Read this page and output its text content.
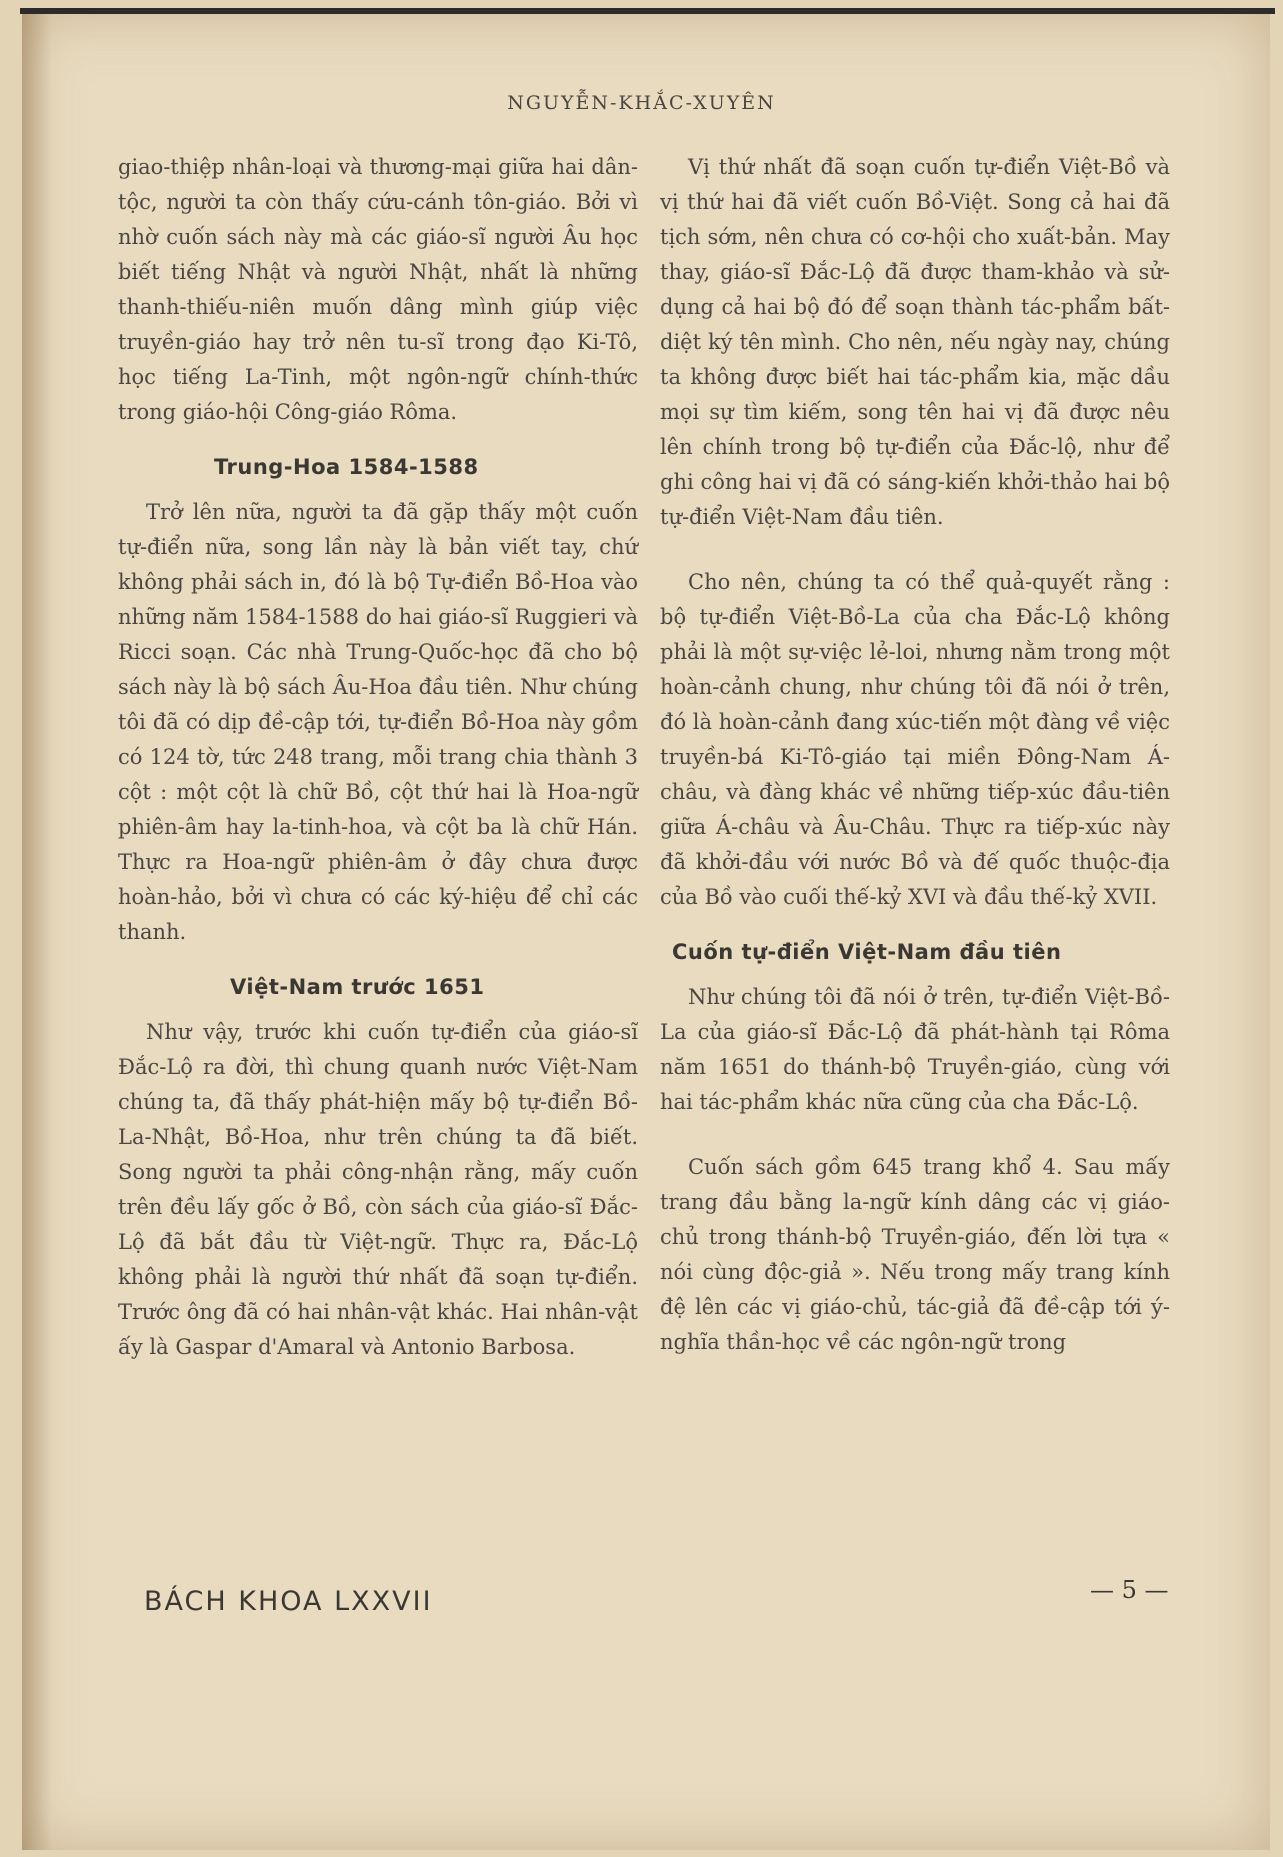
NGUYỄN-KHẮC-XUYÊN

giao-thiệp nhân-loại và thương-mại giữa hai dân-tộc, người ta còn thấy cứu-cánh tôn-giáo. Bởi vì nhờ cuốn sách này mà các giáo-sĩ người Âu học biết tiếng Nhật và người Nhật, nhất là những thanh-thiếu-niên muốn dâng mình giúp việc truyền-giáo hay trở nên tu-sĩ trong đạo Ki-Tô, học tiếng La-Tinh, một ngôn-ngữ chính-thức trong giáo-hội Công-giáo Rôma.

Trung-Hoa 1584-1588

Trở lên nữa, người ta đã gặp thấy một cuốn tự-điển nữa, song lần này là bản viết tay, chứ không phải sách in, đó là bộ Tự-điển Bồ-Hoa vào những năm 1584-1588 do hai giáo-sĩ Ruggieri và Ricci soạn. Các nhà Trung-Quốc-học đã cho bộ sách này là bộ sách Âu-Hoa đầu tiên. Như chúng tôi đã có dịp đề-cập tới, tự-điển Bồ-Hoa này gồm có 124 tờ, tức 248 trang, mỗi trang chia thành 3 cột : một cột là chữ Bồ, cột thứ hai là Hoa-ngữ phiên-âm hay la-tinh-hoa, và cột ba là chữ Hán. Thực ra Hoa-ngữ phiên-âm ở đây chưa được hoàn-hảo, bởi vì chưa có các ký-hiệu để chỉ các thanh.

Việt-Nam trước 1651

Như vậy, trước khi cuốn tự-điển của giáo-sĩ Đắc-Lộ ra đời, thì chung quanh nước Việt-Nam chúng ta, đã thấy phát-hiện mấy bộ tự-điển Bồ-La-Nhật, Bồ-Hoa, như trên chúng ta đã biết. Song người ta phải công-nhận rằng, mấy cuốn trên đều lấy gốc ở Bồ, còn sách của giáo-sĩ Đắc-Lộ đã bắt đầu từ Việt-ngữ. Thực ra, Đắc-Lộ không phải là người thứ nhất đã soạn tự-điển. Trước ông đã có hai nhân-vật khác. Hai nhân-vật ấy là Gaspar d'Amaral và Antonio Barbosa.

Vị thứ nhất đã soạn cuốn tự-điển Việt-Bồ và vị thứ hai đã viết cuốn Bồ-Việt. Song cả hai đã tịch sớm, nên chưa có cơ-hội cho xuất-bản. May thay, giáo-sĩ Đắc-Lộ đã được tham-khảo và sử-dụng cả hai bộ đó để soạn thành tác-phẩm bất-diệt ký tên mình. Cho nên, nếu ngày nay, chúng ta không được biết hai tác-phẩm kia, mặc dầu mọi sự tìm kiếm, song tên hai vị đã được nêu lên chính trong bộ tự-điển của Đắc-lộ, như để ghi công hai vị đã có sáng-kiến khởi-thảo hai bộ tự-điển Việt-Nam đầu tiên.

Cho nên, chúng ta có thể quả-quyết rằng : bộ tự-điển Việt-Bồ-La của cha Đắc-Lộ không phải là một sự-việc lẻ-loi, nhưng nằm trong một hoàn-cảnh chung, như chúng tôi đã nói ở trên, đó là hoàn-cảnh đang xúc-tiến một đàng về việc truyền-bá Ki-Tô-giáo tại miền Đông-Nam Á-châu, và đàng khác về những tiếp-xúc đầu-tiên giữa Á-châu và Âu-Châu. Thực ra tiếp-xúc này đã khởi-đầu với nước Bồ và đế quốc thuộc-địa của Bồ vào cuối thế-kỷ XVI và đầu thế-kỷ XVII.

Cuốn tự-điển Việt-Nam đầu tiên

Như chúng tôi đã nói ở trên, tự-điển Việt-Bồ-La của giáo-sĩ Đắc-Lộ đã phát-hành tại Rôma năm 1651 do thánh-bộ Truyền-giáo, cùng với hai tác-phẩm khác nữa cũng của cha Đắc-Lộ.

Cuốn sách gồm 645 trang khổ 4. Sau mấy trang đầu bằng la-ngữ kính dâng các vị giáo-chủ trong thánh-bộ Truyền-giáo, đến lời tựa « nói cùng độc-giả ». Nếu trong mấy trang kính đệ lên các vị giáo-chủ, tác-giả đã đề-cập tới ý-nghĩa thần-học về các ngôn-ngữ trong

BÁCH KHOA LXXVII	— 5 —
